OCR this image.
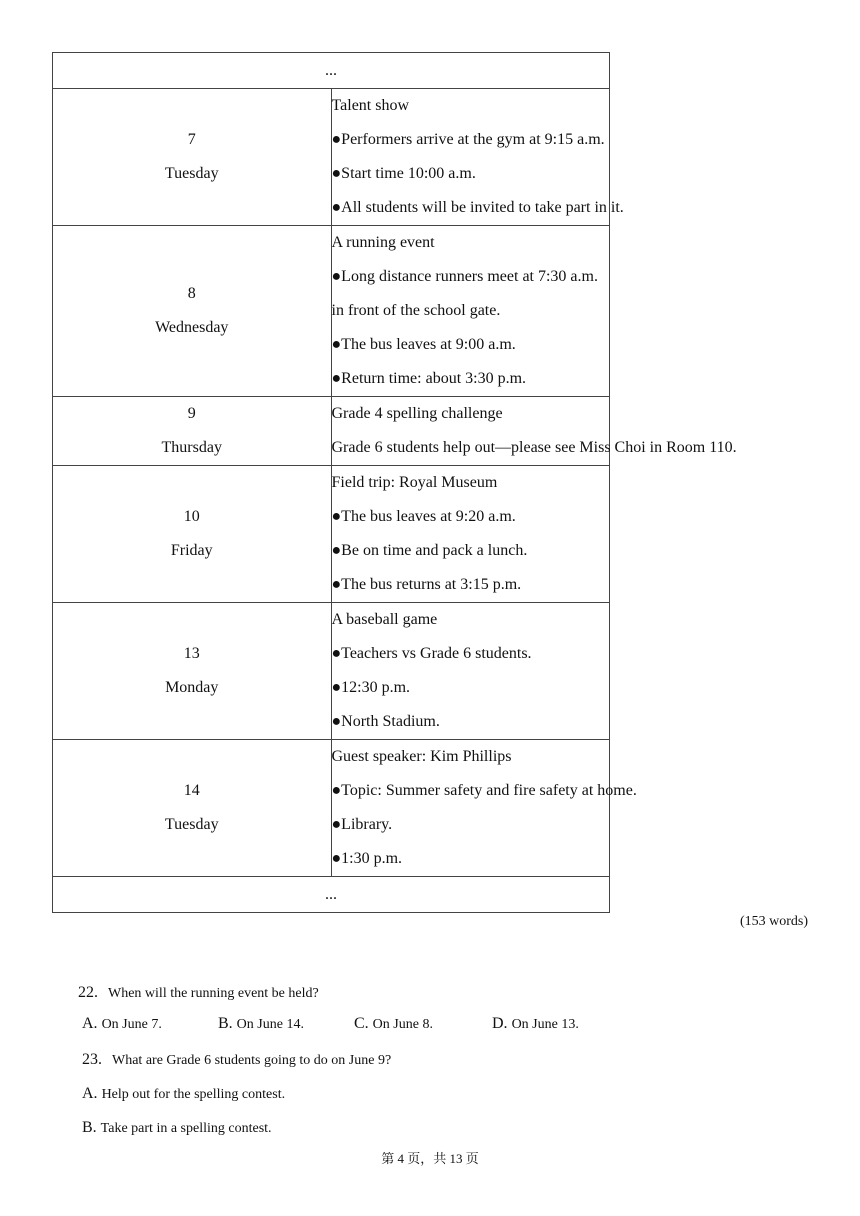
...	

7
Tuesday	Talent show
●Performers arrive at the gym at 9:15 a.m.
●Start time 10:00 a.m.
●All students will be invited to take part in it.

8
Wednesday	A running event
●Long distance runners meet at 7:30 a.m. in front of the school gate.
●The bus leaves at 9:00 a.m.
●Return time: about 3:30 p.m.

9
Thursday	Grade 4 spelling challenge
Grade 6 students help out—please see Miss Choi in Room 110.

10
Friday	Field trip: Royal Museum
●The bus leaves at 9:20 a.m.
●Be on time and pack a lunch.
●The bus returns at 3:15 p.m.

13
Monday	A baseball game
●Teachers vs Grade 6 students.
●12:30 p.m.
●North Stadium.

14
Tuesday	Guest speaker: Kim Phillips
●Topic: Summer safety and fire safety at home.
●Library.
●1:30 p.m.

...	
(153 words)
22. When will the running event be held?
A. On June 7.	B. On June 14.	C. On June 8.	D. On June 13.
23. What are Grade 6 students going to do on June 9?
A. Help out for the spelling contest.
B. Take part in a spelling contest.
第 4 页，共 13 页
